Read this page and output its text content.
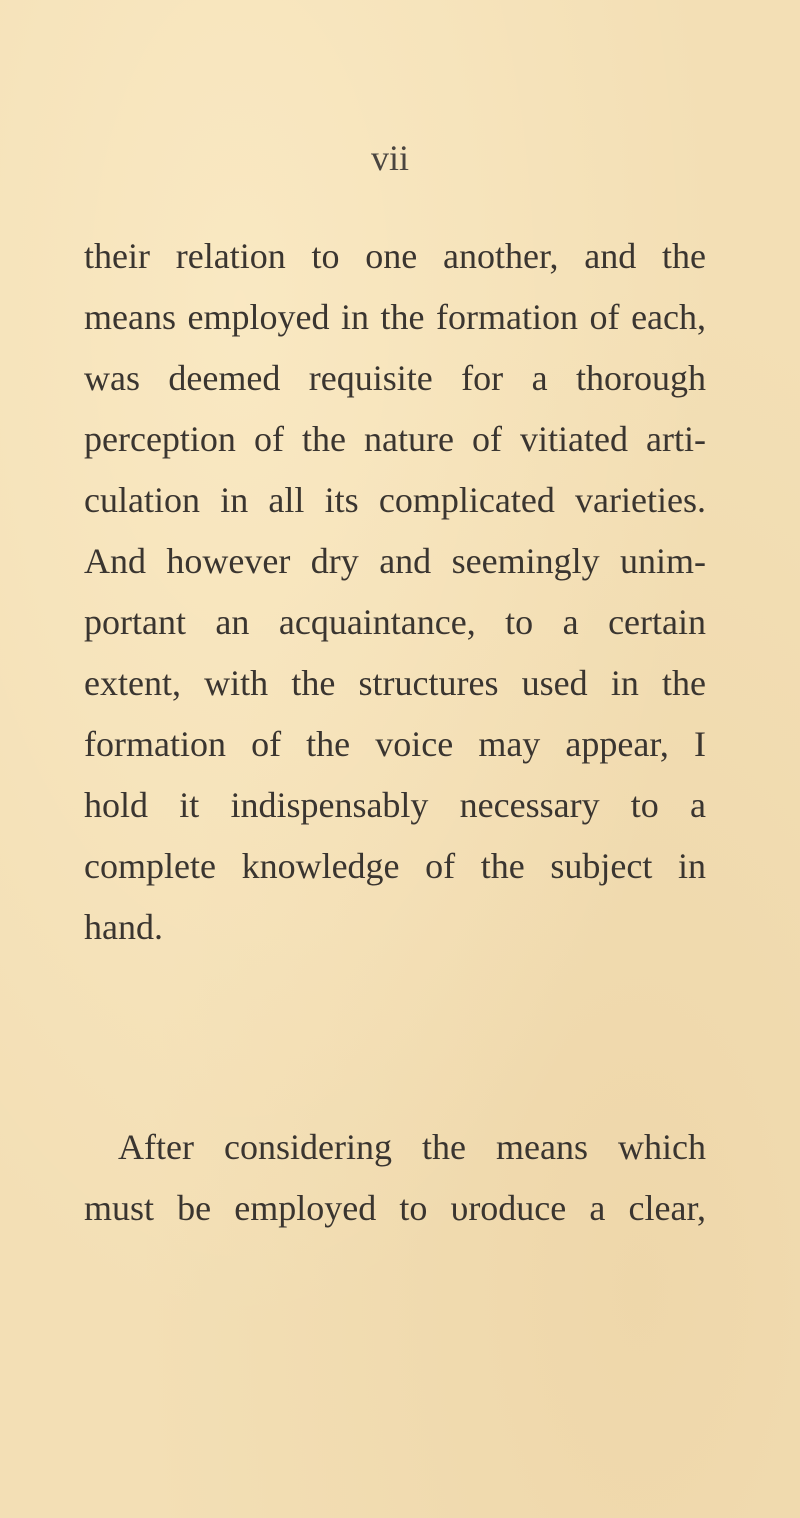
vii
their relation to one another, and the
means employed in the formation of each,
was deemed requisite for a thorough
perception of the nature of vitiated arti-
culation in all its complicated varieties.
And however dry and seemingly unim-
portant an acquaintance, to a certain
extent, with the structures used in the
formation of the voice may appear, I
hold it indispensably necessary to a
complete knowledge of the subject in
hand.
After considering the means which
must be employed to υroduce a clear,
